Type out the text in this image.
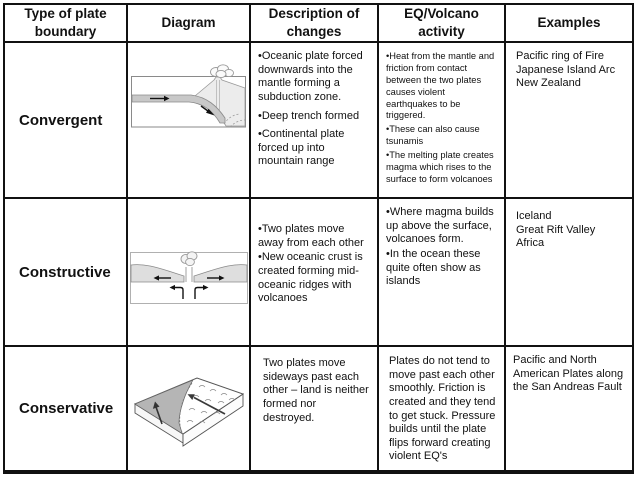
Type of plate boundary
Diagram
Description of changes
EQ/Volcano activity
Examples
Convergent

•Oceanic plate forced downwards into the mantle forming a subduction zone.

•Deep trench formed

•Continental plate forced up into mountain range

•Heat from the mantle and friction from contact between the two plates causes violent earthquakes to be triggered.

•These can also cause tsunamis

•The melting plate creates magma which rises to the surface to form volcanoes

Pacific ring of Fire

Japanese Island Arc

New Zealand

Constructive

•Two plates move away from each other

•New oceanic crust is created forming mid-oceanic ridges with volcanoes

•Where magma builds up above the surface, volcanoes form.

•In the ocean these quite often show as islands

Iceland

Great Rift Valley Africa

Conservative

Two plates move sideways past each other – land is neither formed nor destroyed.

Plates do not tend to move past each other smoothly. Friction is created and they tend to get stuck. Pressure builds until the plate flips forward creating violent EQ's

Pacific and North American Plates along the San Andreas Fault
